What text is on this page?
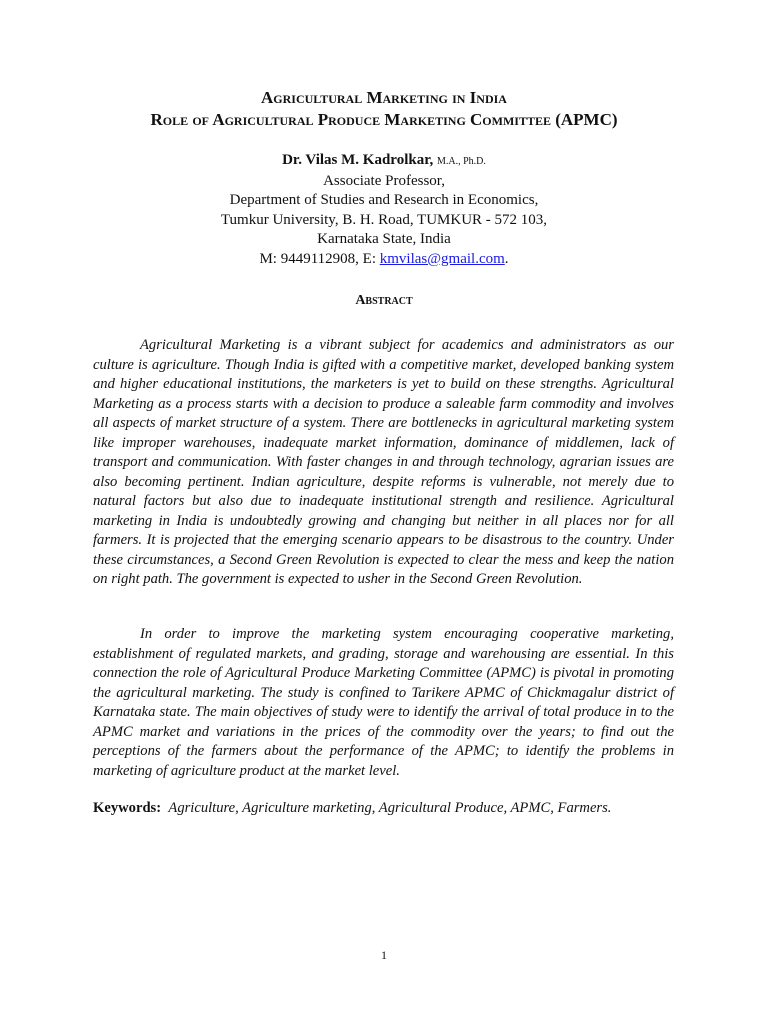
Agricultural Marketing in India
Role of Agricultural Produce Marketing Committee (APMC)
Dr. Vilas M. Kadrolkar, M.A., Ph.D.
Associate Professor,
Department of Studies and Research in Economics,
Tumkur University, B. H. Road, TUMKUR - 572 103,
Karnataka State, India
M: 9449112908, E: kmvilas@gmail.com.
Abstract

Agricultural Marketing is a vibrant subject for academics and administrators as our culture is agriculture. Though India is gifted with a competitive market, developed banking system and higher educational institutions, the marketers is yet to build on these strengths. Agricultural Marketing as a process starts with a decision to produce a saleable farm commodity and involves all aspects of market structure of a system. There are bottlenecks in agricultural marketing system like improper warehouses, inadequate market information, dominance of middlemen, lack of transport and communication. With faster changes in and through technology, agrarian issues are also becoming pertinent. Indian agriculture, despite reforms is vulnerable, not merely due to natural factors but also due to inadequate institutional strength and resilience. Agricultural marketing in India is undoubtedly growing and changing but neither in all places nor for all farmers. It is projected that the emerging scenario appears to be disastrous to the country. Under these circumstances, a Second Green Revolution is expected to clear the mess and keep the nation on right path. The government is expected to usher in the Second Green Revolution.

In order to improve the marketing system encouraging cooperative marketing, establishment of regulated markets, and grading, storage and warehousing are essential. In this connection the role of Agricultural Produce Marketing Committee (APMC) is pivotal in promoting the agricultural marketing. The study is confined to Tarikere APMC of Chickmagalur district of Karnataka state. The main objectives of study were to identify the arrival of total produce in to the APMC market and variations in the prices of the commodity over the years; to find out the perceptions of the farmers about the performance of the APMC; to identify the problems in marketing of agriculture product at the market level.

Keywords: Agriculture, Agriculture marketing, Agricultural Produce, APMC, Farmers.

1
